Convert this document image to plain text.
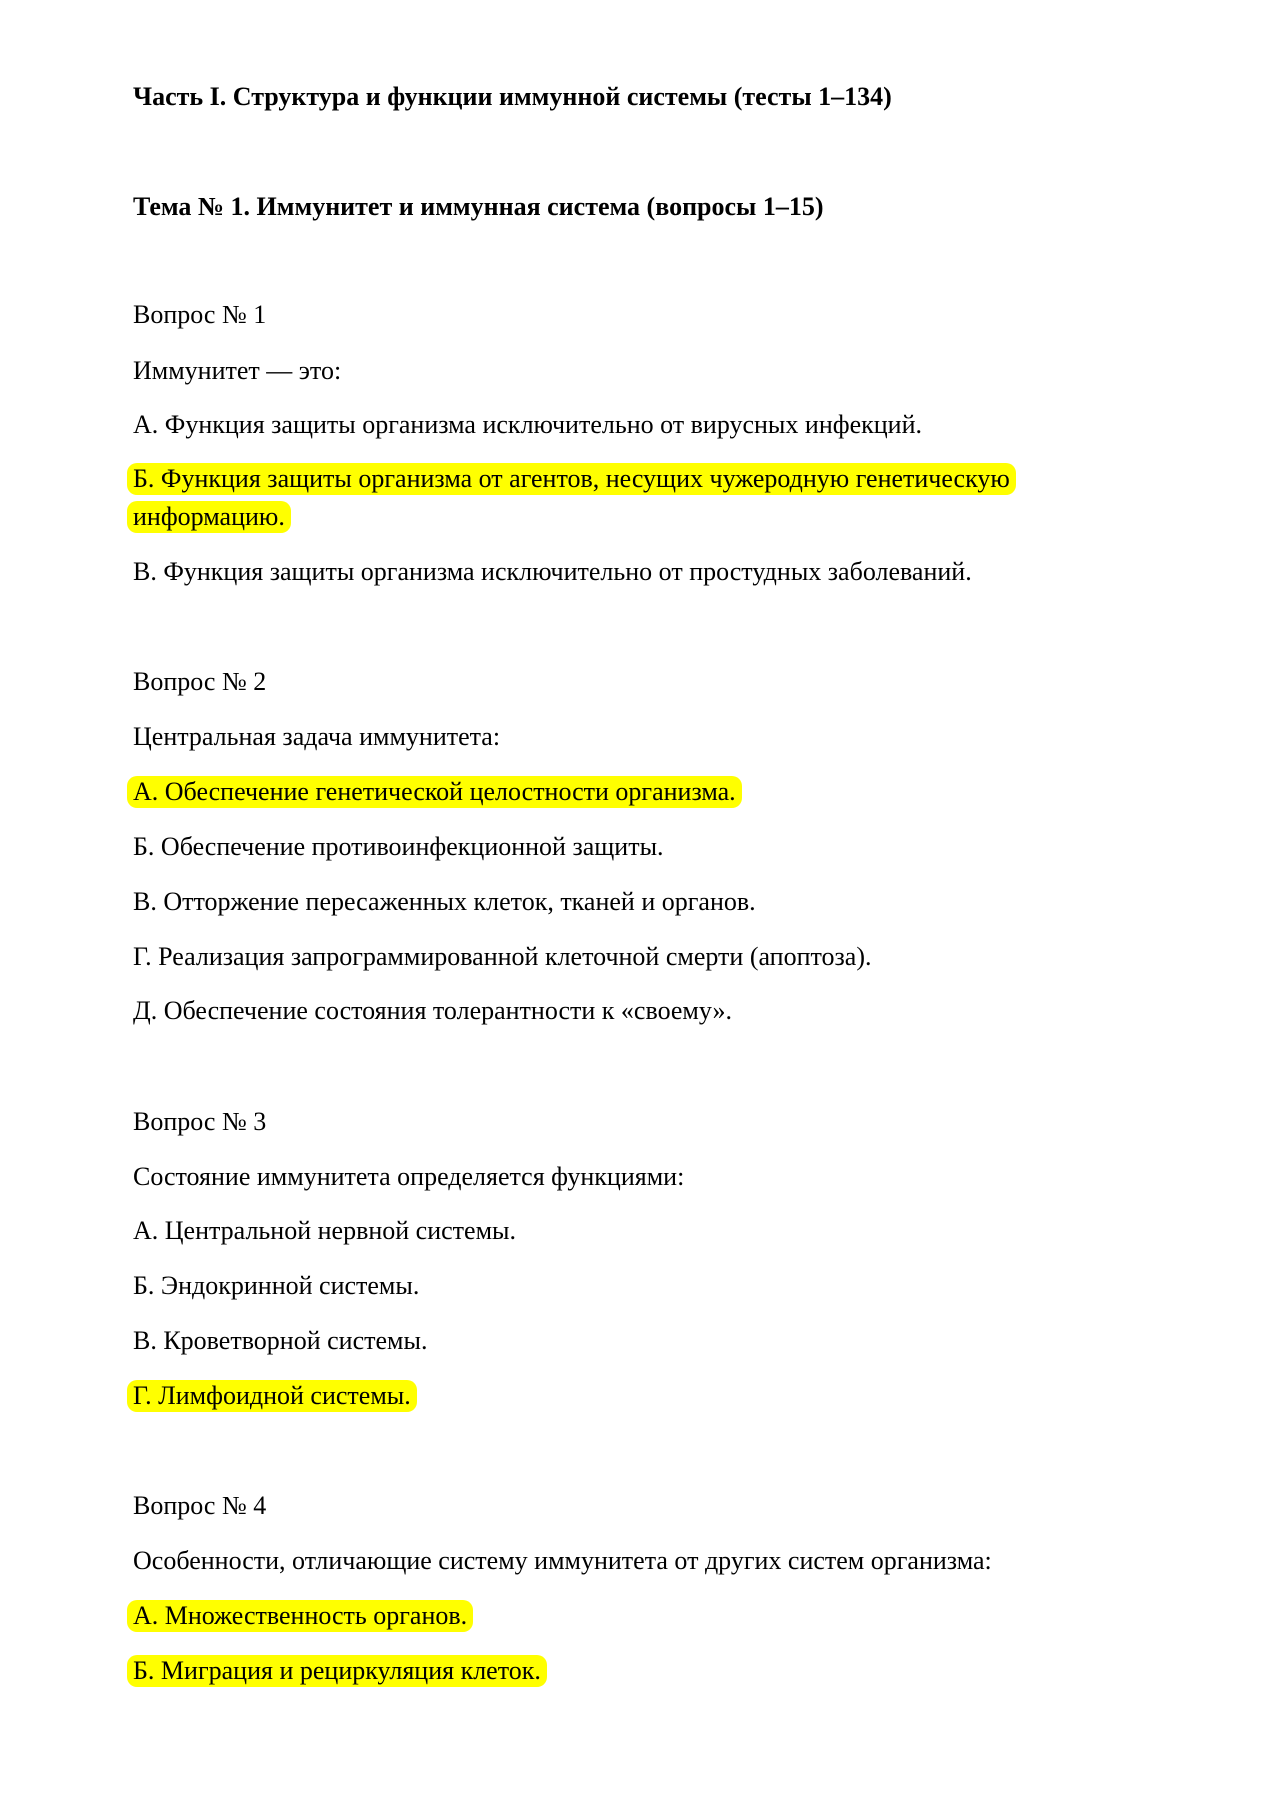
Часть I. Структура и функции иммунной системы (тесты 1–134)
Тема № 1. Иммунитет и иммунная система (вопросы 1–15)
Вопрос № 1
Иммунитет — это:
А. Функция защиты организма исключительно от вирусных инфекций.
Б. Функция защиты организма от агентов, несущих чужеродную генетическую
информацию.
В. Функция защиты организма исключительно от простудных заболеваний.
Вопрос № 2
Центральная задача иммунитета:
А. Обеспечение генетической целостности организма.
Б. Обеспечение противоинфекционной защиты.
В. Отторжение пересаженных клеток, тканей и органов.
Г. Реализация запрограммированной клеточной смерти (апоптоза).
Д. Обеспечение состояния толерантности к «своему».
Вопрос № 3
Состояние иммунитета определяется функциями:
А. Центральной нервной системы.
Б. Эндокринной системы.
В. Кроветворной системы.
Г. Лимфоидной системы.
Вопрос № 4
Особенности, отличающие систему иммунитета от других систем организма:
А. Множественность органов.
Б. Миграция и рециркуляция клеток.
